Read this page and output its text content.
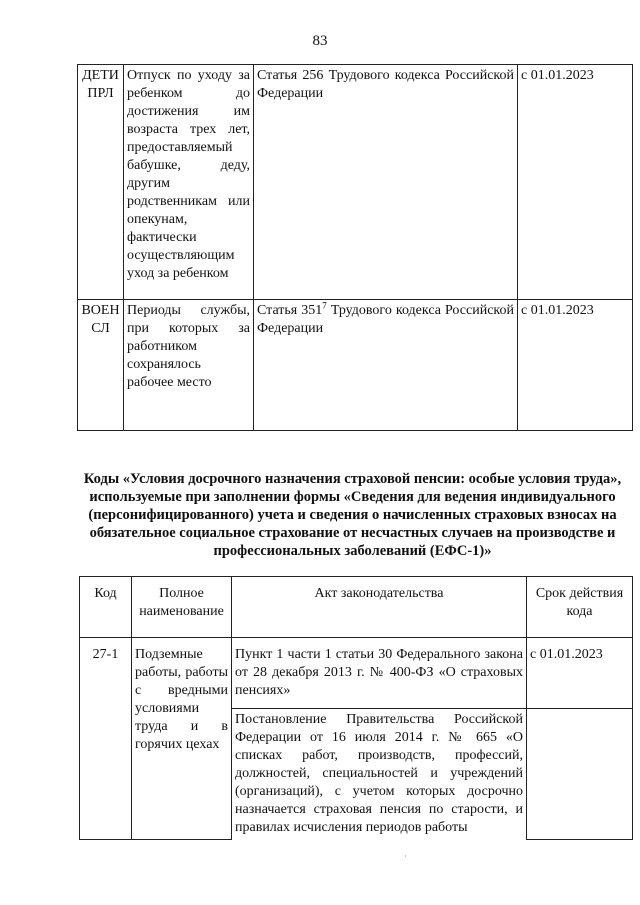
83
ДЕТИ ПРЛ	Отпуск по уходу за ребенком до достижения им возраста трех лет, предоставляемый бабушке, деду, другим родственникам или опекунам, фактически осуществляющим уход за ребенком	Статья 256 Трудового кодекса Российской Федерации	с 01.01.2023
ВОЕН СЛ	Периоды службы, при которых за работником сохранялось рабочее место	Статья $351^7$ Трудового кодекса Российской Федерации	с 01.01.2023
Коды «Условия досрочного назначения страховой пенсии: особые условия труда», используемые при заполнении формы «Сведения для ведения индивидуального (персонифицированного) учета и сведения о начисленных страховых взносах на обязательное социальное страхование от несчастных случаев на производстве и профессиональных заболеваний (ЕФС-1)»
Код	Полное наименование	Акт законодательства	Срок действия кода
27-1	Подземные работы, работы с вредными условиями труда и в горячих цехах	Пункт 1 части 1 статьи 30 Федерального закона от 28 декабря 2013 г. № 400-ФЗ «О страховых пенсиях»	с 01.01.2023
		Постановление Правительства Российской Федерации от 16 июля 2014 г. № 665 «О списках работ, производств, профессий, должностей, специальностей и учреждений (организаций), с учетом которых досрочно назначается страховая пенсия по старости, и правилах исчисления периодов работы	
·
